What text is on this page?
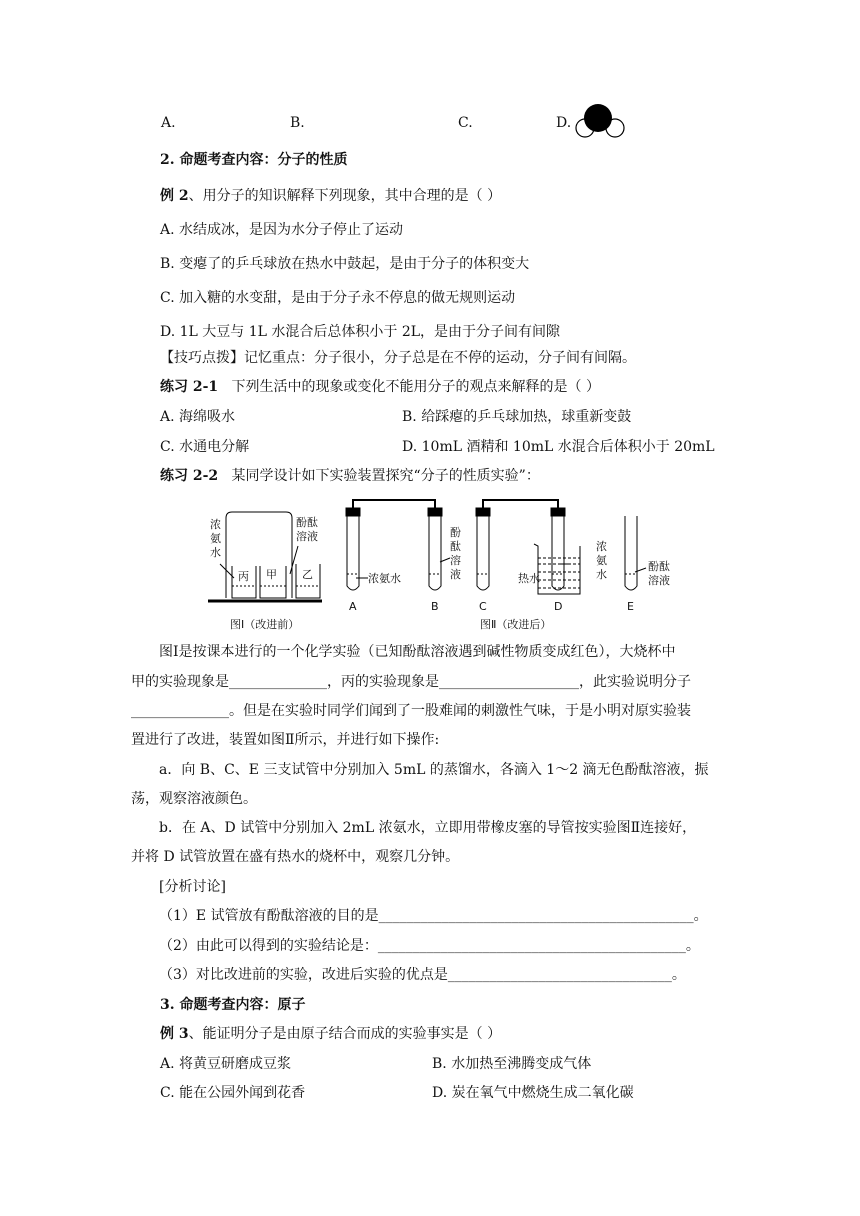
A.	B.	C.	D.
2. 命题考查内容：分子的性质
例 2、用分子的知识解释下列现象，其中合理的是（ ）
A. 水结成冰，是因为水分子停止了运动
B. 变瘪了的乒乓球放在热水中鼓起，是由于分子的体积变大
C. 加入糖的水变甜，是由于分子永不停息的做无规则运动
D. 1L 大豆与 1L 水混合后总体积小于 2L，是由于分子间有间隙
【技巧点拨】记忆重点：分子很小，分子总是在不停的运动，分子间有间隔。
练习 2-1 下列生活中的现象或变化不能用分子的观点来解释的是（ ）
A. 海绵吸水	B. 给踩瘪的乒乓球加热，球重新变鼓
C. 水通电分解	D. 10mL 酒精和 10mL 水混合后体积小于 20mL
练习 2-2 某同学设计如下实验装置探究“分子的性质实验”：
浓
氨
水
酚酞
溶液
丙 甲 乙
图Ⅰ（改进前）
浓氨水
酚
酞
溶
液	热水
浓
氨
水
酚酞
溶液
A	B	C	D	E
图Ⅱ（改进后）
图Ⅰ是按课本进行的一个化学实验（已知酚酞溶液遇到碱性物质变成红色），大烧杯中
甲的实验现象是______________，丙的实验现象是____________________，此实验说明分子
______________。但是在实验时同学们闻到了一股难闻的刺激性气味，于是小明对原实验装
置进行了改进，装置如图Ⅱ所示，并进行如下操作:
a．向 B、C、E 三支试管中分别加入 5mL 的蒸馏水，各滴入 1～2 滴无色酚酞溶液，振
荡，观察溶液颜色。
b．在 A、D 试管中分别加入 2mL 浓氨水，立即用带橡皮塞的导管按实验图Ⅱ连接好，
并将 D 试管放置在盛有热水的烧杯中，观察几分钟。
[分析讨论]
（1）E 试管放有酚酞溶液的目的是_____________________________________________。
（2）由此可以得到的实验结论是：____________________________________________。
（3）对比改进前的实验，改进后实验的优点是________________________________。
3. 命题考查内容：原子
例 3、能证明分子是由原子结合而成的实验事实是（ ）
A. 将黄豆研磨成豆浆	B. 水加热至沸腾变成气体
C. 能在公园外闻到花香	D. 炭在氧气中燃烧生成二氧化碳
